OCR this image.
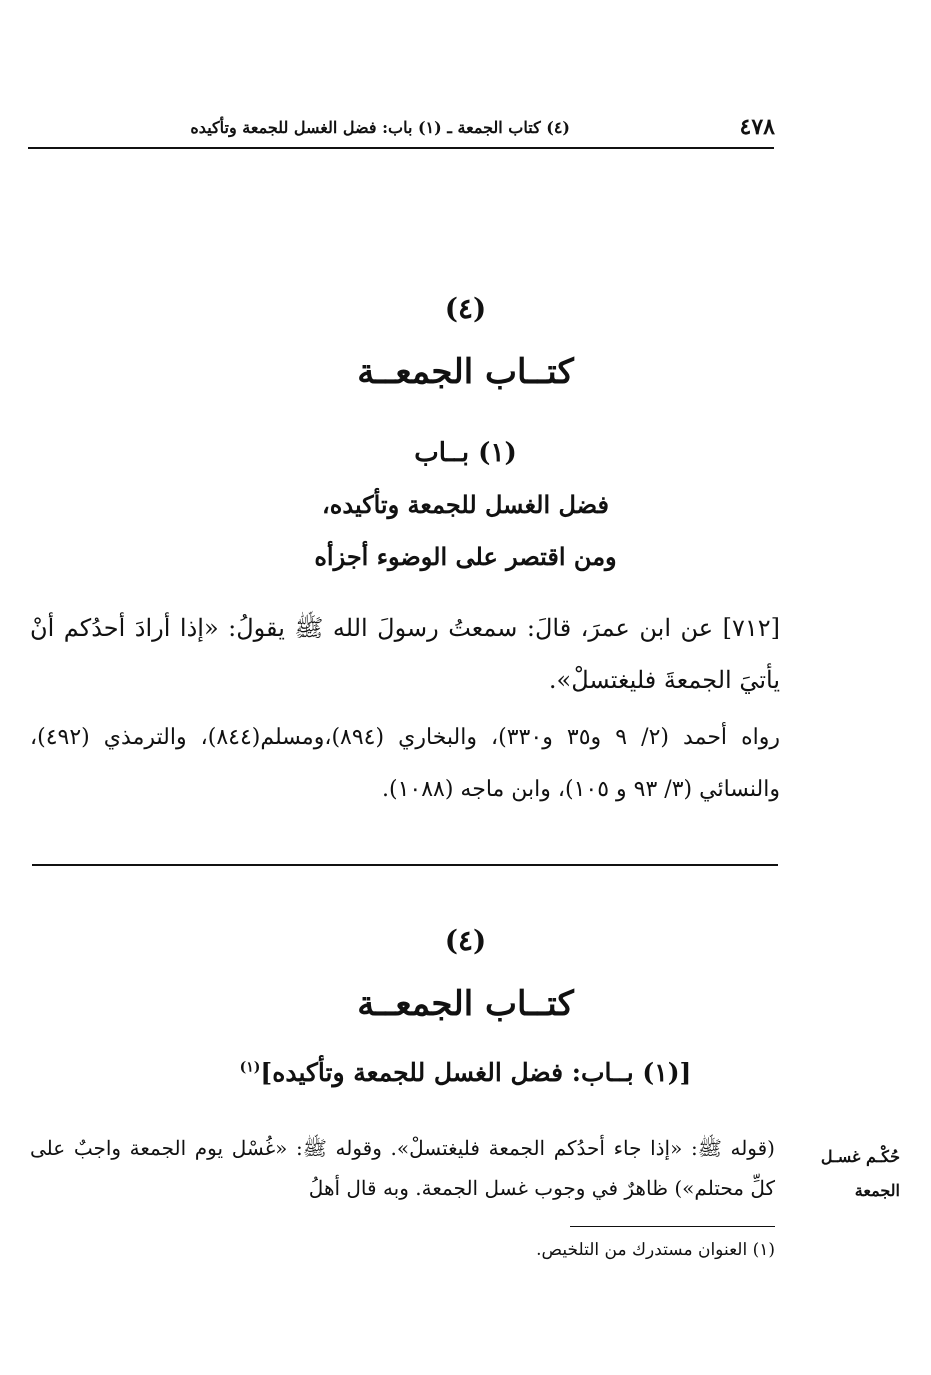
٤٧٨
(٤) كتاب الجمعة ـ (١) باب: فضل الغسل للجمعة وتأكيده
(٤)
كتــاب الجمعــة
(١) بــاب
فضل الغسل للجمعة وتأكيده،
ومن اقتصر على الوضوء أجزأه
[٧١٢] عن ابن عمرَ، قالَ: سمعتُ رسولَ الله ﷺ يقولُ: «إذا أرادَ أحدُكم أنْ يأتيَ الجمعةَ فليغتسلْ».
رواه أحمد (٢/ ٩ و٣٥ و٣٣٠)، والبخاري (٨٩٤)،ومسلم(٨٤٤)، والترمذي (٤٩٢)، والنسائي (٣/ ٩٣ و ١٠٥)، وابن ماجه (١٠٨٨).
(٤)
كتــاب الجمعــة
[(١) بــاب: فضل الغسل للجمعة وتأكيده]$^{(١)}$
حُكْـم غسـل الجمعة
(قوله ﷺ: «إذا جاء أحدُكم الجمعة فليغتسلْ». وقوله ﷺ: «غُسْل يوم الجمعة واجبٌ على كلِّ محتلم») ظاهرٌ في وجوب غسل الجمعة. وبه قال أهلُ
(١) العنوان مستدرك من التلخيص.
